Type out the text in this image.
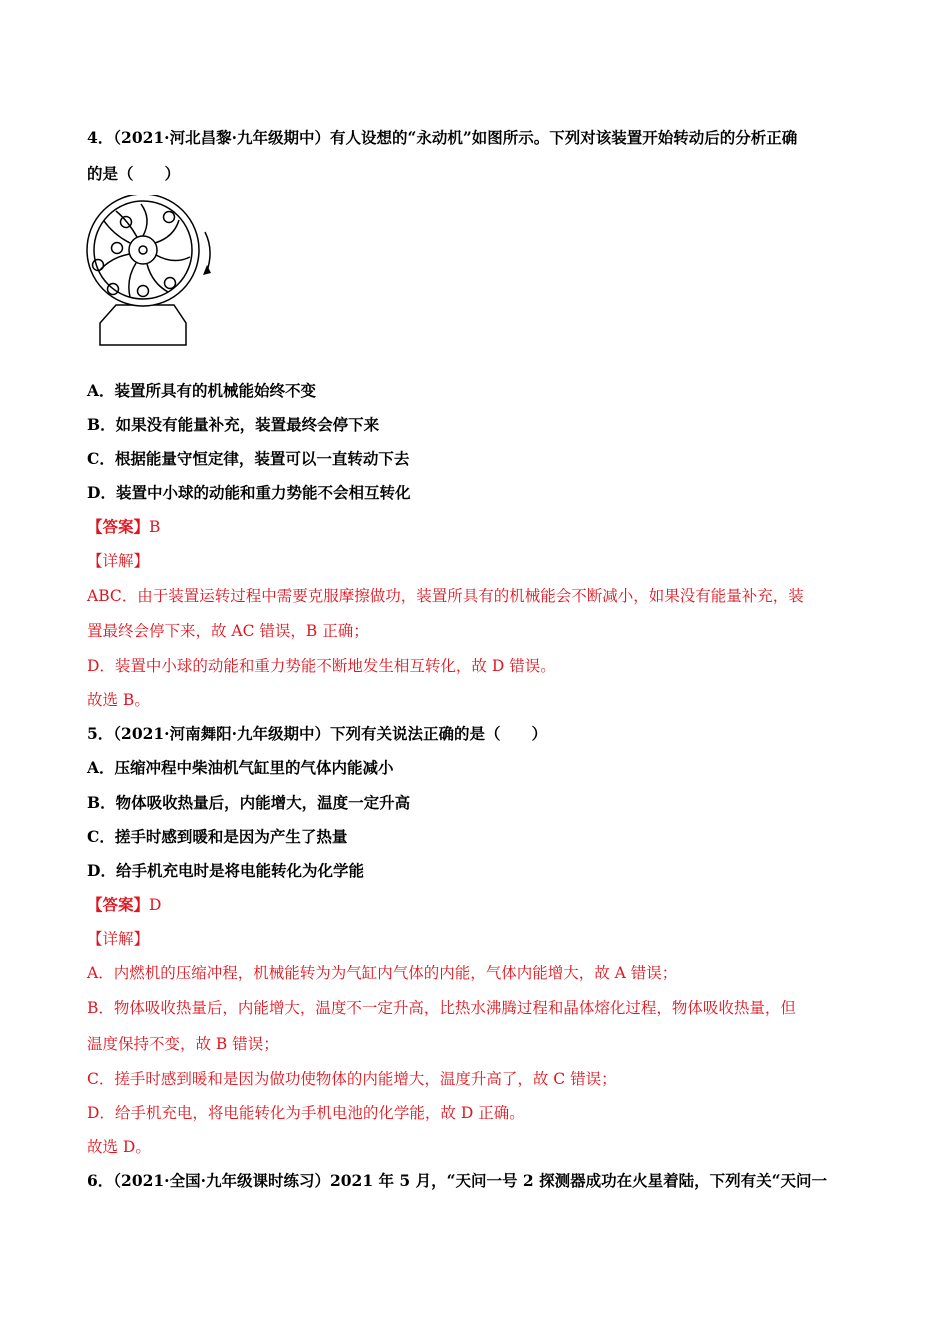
4．（2021·河北昌黎·九年级期中）有人设想的“永动机”如图所示。下列对该装置开始转动后的分析正确
的是（　　）
A．装置所具有的机械能始终不变
B．如果没有能量补充，装置最终会停下来
C．根据能量守恒定律，装置可以一直转动下去
D．装置中小球的动能和重力势能不会相互转化
【答案】B
【详解】
ABC．由于装置运转过程中需要克服摩擦做功，装置所具有的机械能会不断减小，如果没有能量补充，装
置最终会停下来，故 AC 错误，B 正确；
D．装置中小球的动能和重力势能不断地发生相互转化，故 D 错误。
故选 B。
5．（2021·河南舞阳·九年级期中）下列有关说法正确的是（　　）
A．压缩冲程中柴油机气缸里的气体内能减小
B．物体吸收热量后，内能增大，温度一定升高
C．搓手时感到暖和是因为产生了热量
D．给手机充电时是将电能转化为化学能
【答案】D
【详解】
A．内燃机的压缩冲程，机械能转为为气缸内气体的内能，气体内能增大，故 A 错误；
B．物体吸收热量后，内能增大，温度不一定升高，比热水沸腾过程和晶体熔化过程，物体吸收热量，但
温度保持不变，故 B 错误；
C．搓手时感到暖和是因为做功使物体的内能增大，温度升高了，故 C 错误；
D．给手机充电，将电能转化为手机电池的化学能，故 D 正确。
故选 D。
6．（2021·全国·九年级课时练习）2021 年 5 月，“天问一号 2 探测器成功在火星着陆，下列有关“天问一
